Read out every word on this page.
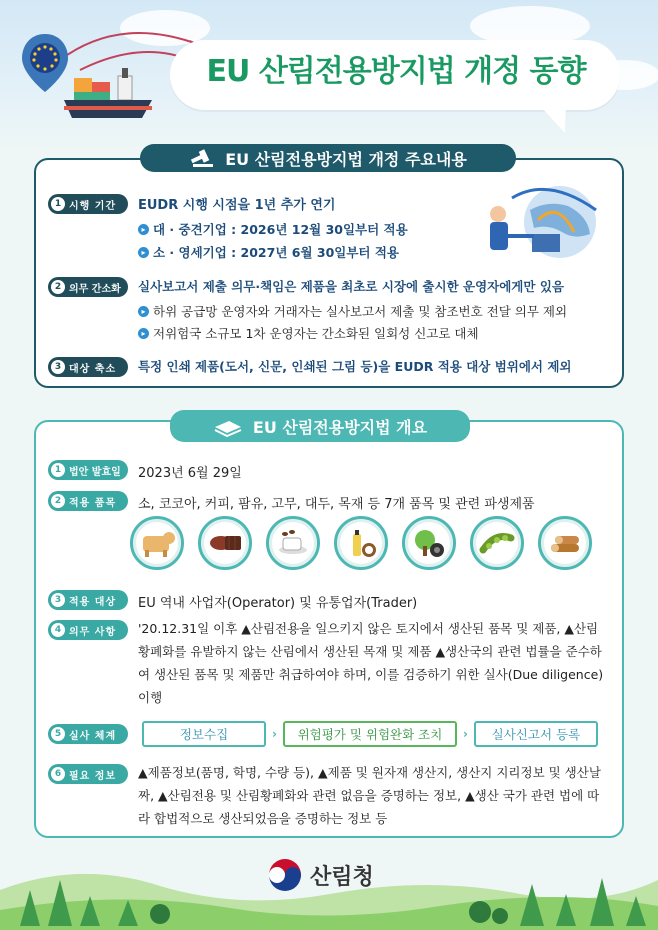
EU 산림전용방지법 개정 동향
EU 산림전용방지법 개정 주요내용
1 시행 기간 EUDR 시행 시점을 1년 추가 연기
▸ 대 · 중견기업 : 2026년 12월 30일부터 적용
▸ 소 · 영세기업 : 2027년 6월 30일부터 적용
2 의무 간소화 실사보고서 제출 의무·책임은 제품을 최초로 시장에 출시한 운영자에게만 있음
▸ 하위 공급망 운영자와 거래자는 실사보고서 제출 및 참조번호 전달 의무 제외
▸ 저위험국 소규모 1차 운영자는 간소화된 일회성 신고로 대체
3 대상 축소 특정 인쇄 제품(도서, 신문, 인쇄된 그림 등)을 EUDR 적용 대상 범위에서 제외
EU 산림전용방지법 개요
1 법안 발효일 2023년 6월 29일
2 적용 품목 소, 코코아, 커피, 팜유, 고무, 대두, 목재 등 7개 품목 및 관련 파생제품
3 적용 대상 EU 역내 사업자(Operator) 및 유통업자(Trader)
4 의무 사항 '20.12.31일 이후 ▲산림전용을 일으키지 않은 토지에서 생산된 품목 및 제품, ▲산림황폐화를 유발하지 않는 산림에서 생산된 목재 및 제품 ▲생산국의 관련 법률을 준수하여 생산된 품목 및 제품만 취급하여야 하며, 이를 검증하기 위한 실사(Due diligence) 이행
5 실사 체계	정보수집	›	위험평가 및 위험완화 조치	›	실사신고서 등록
6 필요 정보 ▲제품정보(품명, 학명, 수량 등), ▲제품 및 원자재 생산지, 생산지 지리정보 및 생산날짜, ▲산림전용 및 산림황폐화와 관련 없음을 증명하는 정보, ▲생산 국가 관련 법에 따라 합법적으로 생산되었음을 증명하는 정보 등
산림청
